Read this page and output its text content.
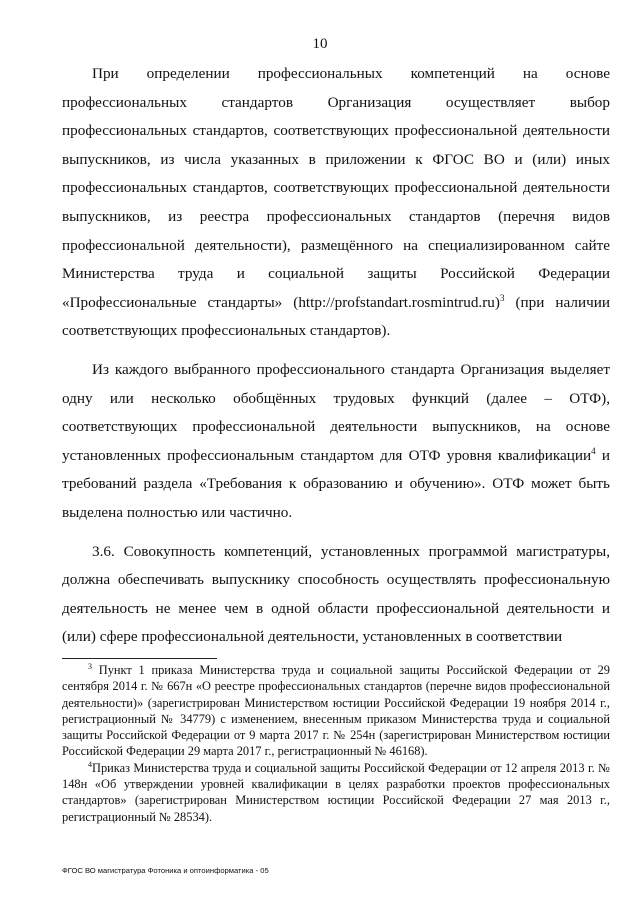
10

При определении профессиональных компетенций на основе профессиональных стандартов Организация осуществляет выбор профессиональных стандартов, соответствующих профессиональной деятельности выпускников, из числа указанных в приложении к ФГОС ВО и (или) иных профессиональных стандартов, соответствующих профессиональной деятельности выпускников, из реестра профессиональных стандартов (перечня видов профессиональной деятельности), размещённого на специализированном сайте Министерства труда и социальной защиты Российской Федерации «Профессиональные стандарты» (http://profstandart.rosmintrud.ru)$^3$ (при наличии соответствующих профессиональных стандартов).

Из каждого выбранного профессионального стандарта Организация выделяет одну или несколько обобщённых трудовых функций (далее – ОТФ), соответствующих профессиональной деятельности выпускников, на основе установленных профессиональным стандартом для ОТФ уровня квалификации$^4$ и требований раздела «Требования к образованию и обучению». ОТФ может быть выделена полностью или частично.

3.6. Совокупность компетенций, установленных программой магистратуры, должна обеспечивать выпускнику способность осуществлять профессиональную деятельность не менее чем в одной области профессиональной деятельности и (или) сфере профессиональной деятельности, установленных в соответствии

$^3$ Пункт 1 приказа Министерства труда и социальной защиты Российской Федерации от 29 сентября 2014 г. № 667н «О реестре профессиональных стандартов (перечне видов профессиональной деятельности)» (зарегистрирован Министерством юстиции Российской Федерации 19 ноября 2014 г., регистрационный № 34779) с изменением, внесенным приказом Министерства труда и социальной защиты Российской Федерации от 9 марта 2017 г. № 254н (зарегистрирован Министерством юстиции Российской Федерации 29 марта 2017 г., регистрационный № 46168).

$^4$Приказ Министерства труда и социальной защиты Российской Федерации от 12 апреля 2013 г. № 148н «Об утверждении уровней квалификации в целях разработки проектов профессиональных стандартов» (зарегистрирован Министерством юстиции Российской Федерации 27 мая 2013 г., регистрационный № 28534).

ФГОС ВО магистратура Фотоника и оптоинформатика - 05
